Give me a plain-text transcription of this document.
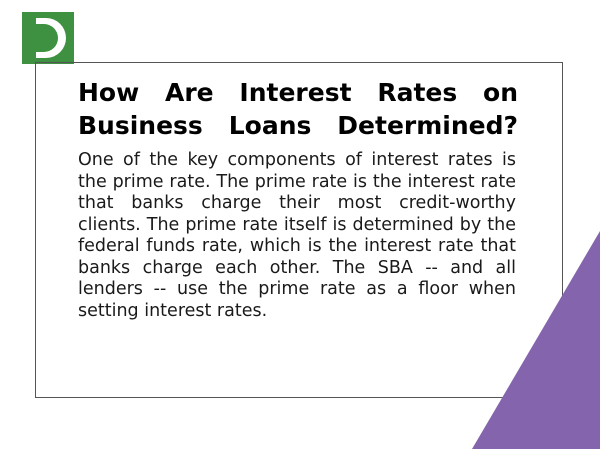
How Are Interest Rates on Business Loans Determined?

One of the key components of interest rates is the prime rate. The prime rate is the interest rate that banks charge their most credit-worthy clients. The prime rate itself is determined by the federal funds rate, which is the interest rate that banks charge each other. The SBA -- and all lenders -- use the prime rate as a floor when setting interest rates.
